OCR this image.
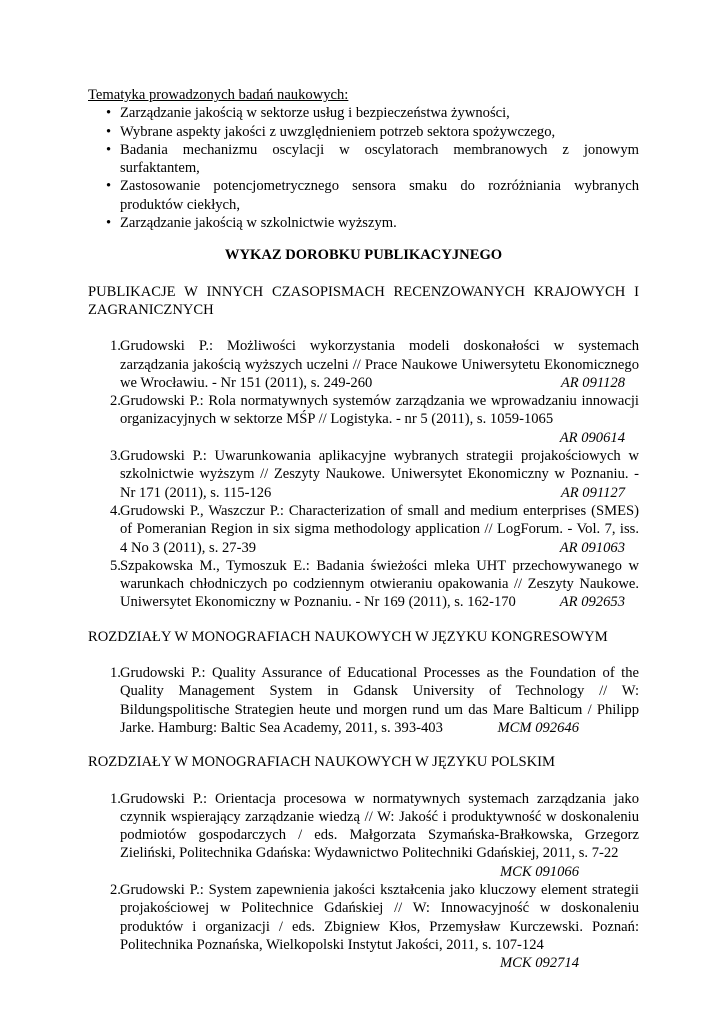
Tematyka prowadzonych badań naukowych:
• Zarządzanie jakością w sektorze usług i bezpieczeństwa żywności,
• Wybrane aspekty jakości z uwzględnieniem potrzeb sektora spożywczego,
• Badania mechanizmu oscylacji w oscylatorach membranowych z jonowym surfaktantem,
• Zastosowanie potencjometrycznego sensora smaku do rozróżniania wybranych produktów ciekłych,
• Zarządzanie jakością w szkolnictwie wyższym.
WYKAZ DOROBKU PUBLIKACYJNEGO
PUBLIKACJE W INNYCH CZASOPISMACH RECENZOWANYCH KRAJOWYCH I ZAGRANICZNYCH
1. Grudowski P.: Możliwości wykorzystania modeli doskonałości w systemach zarządzania jakością wyższych uczelni // Prace Naukowe Uniwersytetu Ekonomicznego we Wrocławiu. - Nr 151 (2011), s. 249-260	AR 091128
2. Grudowski P.: Rola normatywnych systemów zarządzania we wprowadzaniu innowacji organizacyjnych w sektorze MŚP // Logistyka. - nr 5 (2011), s. 1059-1065
AR 090614
3. Grudowski P.: Uwarunkowania aplikacyjne wybranych strategii projakościowych w szkolnictwie wyższym // Zeszyty Naukowe. Uniwersytet Ekonomiczny w Poznaniu. - Nr 171 (2011), s. 115-126	AR 091127
4. Grudowski P., Waszczur P.: Characterization of small and medium enterprises (SMES) of Pomeranian Region in six sigma methodology application // LogForum. - Vol. 7, iss. 4 No 3 (2011), s. 27-39	AR 091063
5. Szpakowska M., Tymoszuk E.: Badania świeżości mleka UHT przechowywanego w warunkach chłodniczych po codziennym otwieraniu opakowania // Zeszyty Naukowe. Uniwersytet Ekonomiczny w Poznaniu. - Nr 169 (2011), s. 162-170	AR 092653
ROZDZIAŁY W MONOGRAFIACH NAUKOWYCH W JĘZYKU KONGRESOWYM
1. Grudowski P.: Quality Assurance of Educational Processes as the Foundation of the Quality Management System in Gdansk University of Technology // W: Bildungspolitische Strategien heute und morgen rund um das Mare Balticum / Philipp Jarke. Hamburg: Baltic Sea Academy, 2011, s. 393-403	MCM 092646
ROZDZIAŁY W MONOGRAFIACH NAUKOWYCH W JĘZYKU POLSKIM
1. Grudowski P.: Orientacja procesowa w normatywnych systemach zarządzania jako czynnik wspierający zarządzanie wiedzą // W: Jakość i produktywność w doskonaleniu podmiotów gospodarczych / eds. Małgorzata Szymańska-Brałkowska, Grzegorz Zieliński, Politechnika Gdańska: Wydawnictwo Politechniki Gdańskiej, 2011, s. 7-22
MCK 091066
2. Grudowski P.: System zapewnienia jakości kształcenia jako kluczowy element strategii projakościowej w Politechnice Gdańskiej // W: Innowacyjność w doskonaleniu produktów i organizacji / eds. Zbigniew Kłos, Przemysław Kurczewski. Poznań: Politechnika Poznańska, Wielkopolski Instytut Jakości, 2011, s. 107-124
MCK 092714
